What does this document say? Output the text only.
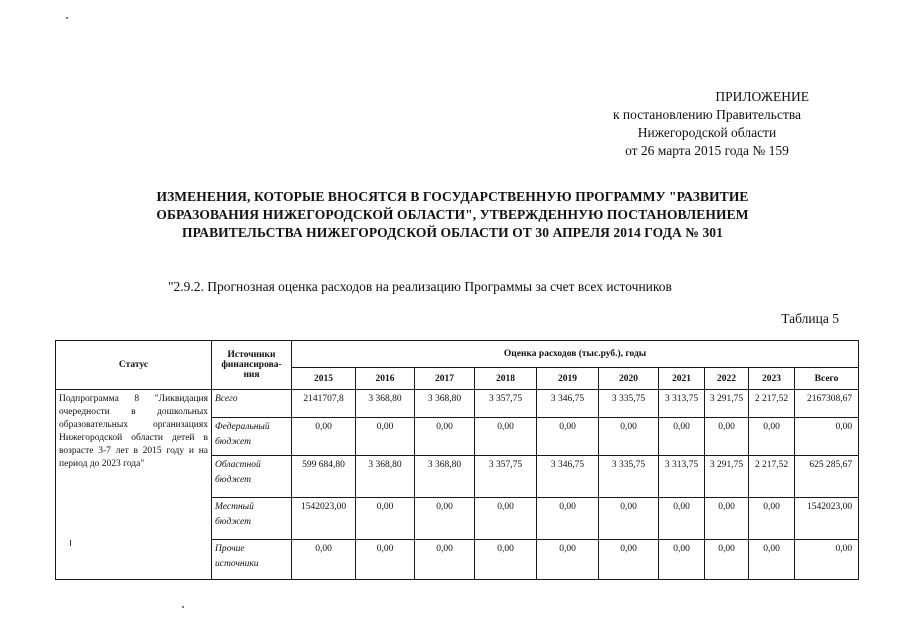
ПРИЛОЖЕНИЕ
к постановлению Правительства
Нижегородской области
от 26 марта 2015 года № 159
ИЗМЕНЕНИЯ, КОТОРЫЕ ВНОСЯТСЯ В ГОСУДАРСТВЕННУЮ ПРОГРАММУ "РАЗВИТИЕ
ОБРАЗОВАНИЯ НИЖЕГОРОДСКОЙ ОБЛАСТИ", УТВЕРЖДЕННУЮ ПОСТАНОВЛЕНИЕМ
ПРАВИТЕЛЬСТВА НИЖЕГОРОДСКОЙ ОБЛАСТИ ОТ 30 АПРЕЛЯ 2014 ГОДА № 301
"2.9.2. Прогнозная оценка расходов на реализацию Программы за счет всех источников
Таблица 5
Статус	Источники финансирова-ния	Оценка расходов (тыс.руб.), годы									
		2015	2016	2017	2018	2019	2020	2021	2022	2023	Всего
Подпрограмма 8 "Ликвидация очередности в дошкольных образовательных организациях Нижегородской области детей в возрасте 3-7 лет в 2015 году и на период до 2023 года"	Всего	2141707,8	3 368,80	3 368,80	3 357,75	3 346,75	3 335,75	3 313,75	3 291,75	2 217,52	2167308,67
	Федеральный бюджет	0,00	0,00	0,00	0,00	0,00	0,00	0,00	0,00	0,00	0,00
	Областной бюджет	599 684,80	3 368,80	3 368,80	3 357,75	3 346,75	3 335,75	3 313,75	3 291,75	2 217,52	625 285,67
	Местный бюджет	1542023,00	0,00	0,00	0,00	0,00	0,00	0,00	0,00	0,00	1542023,00
	Прочие источники	0,00	0,00	0,00	0,00	0,00	0,00	0,00	0,00	0,00	0,00
